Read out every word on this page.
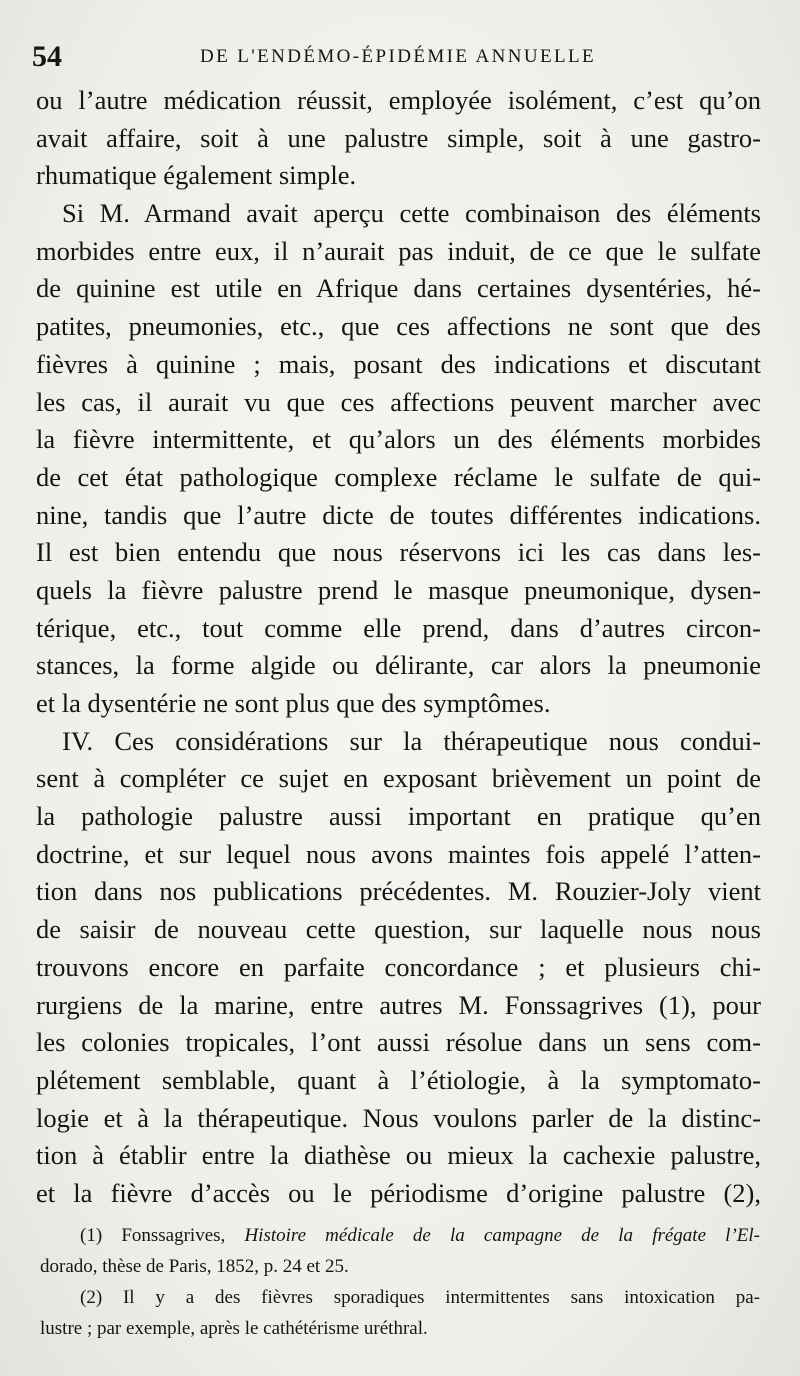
54	DE L'ENDÉMO-ÉPIDÉMIE ANNUELLE
ou l’autre médication réussit, employée isolément, c’est qu’on
avait affaire, soit à une palustre simple, soit à une gastro-
rhumatique également simple.
Si M. Armand avait aperçu cette combinaison des éléments
morbides entre eux, il n’aurait pas induit, de ce que le sulfate
de quinine est utile en Afrique dans certaines dysentéries, hé-
patites, pneumonies, etc., que ces affections ne sont que des
fièvres à quinine ; mais, posant des indications et discutant
les cas, il aurait vu que ces affections peuvent marcher avec
la fièvre intermittente, et qu’alors un des éléments morbides
de cet état pathologique complexe réclame le sulfate de qui-
nine, tandis que l’autre dicte de toutes différentes indications.
Il est bien entendu que nous réservons ici les cas dans les-
quels la fièvre palustre prend le masque pneumonique, dysen-
térique, etc., tout comme elle prend, dans d’autres circon-
stances, la forme algide ou délirante, car alors la pneumonie
et la dysentérie ne sont plus que des symptômes.
IV. Ces considérations sur la thérapeutique nous condui-
sent à compléter ce sujet en exposant brièvement un point de
la pathologie palustre aussi important en pratique qu’en
doctrine, et sur lequel nous avons maintes fois appelé l’atten-
tion dans nos publications précédentes. M. Rouzier-Joly vient
de saisir de nouveau cette question, sur laquelle nous nous
trouvons encore en parfaite concordance ; et plusieurs chi-
rurgiens de la marine, entre autres M. Fonssagrives (1), pour
les colonies tropicales, l’ont aussi résolue dans un sens com-
plétement semblable, quant à l’étiologie, à la symptomato-
logie et à la thérapeutique. Nous voulons parler de la distinc-
tion à établir entre la diathèse ou mieux la cachexie palustre,
et la fièvre d’accès ou le périodisme d’origine palustre (2),
(1) Fonssagrives, Histoire médicale de la campagne de la frégate l’El-
dorado, thèse de Paris, 1852, p. 24 et 25.
(2) Il y a des fièvres sporadiques intermittentes sans intoxication pa-
lustre ; par exemple, après le cathétérisme uréthral.
